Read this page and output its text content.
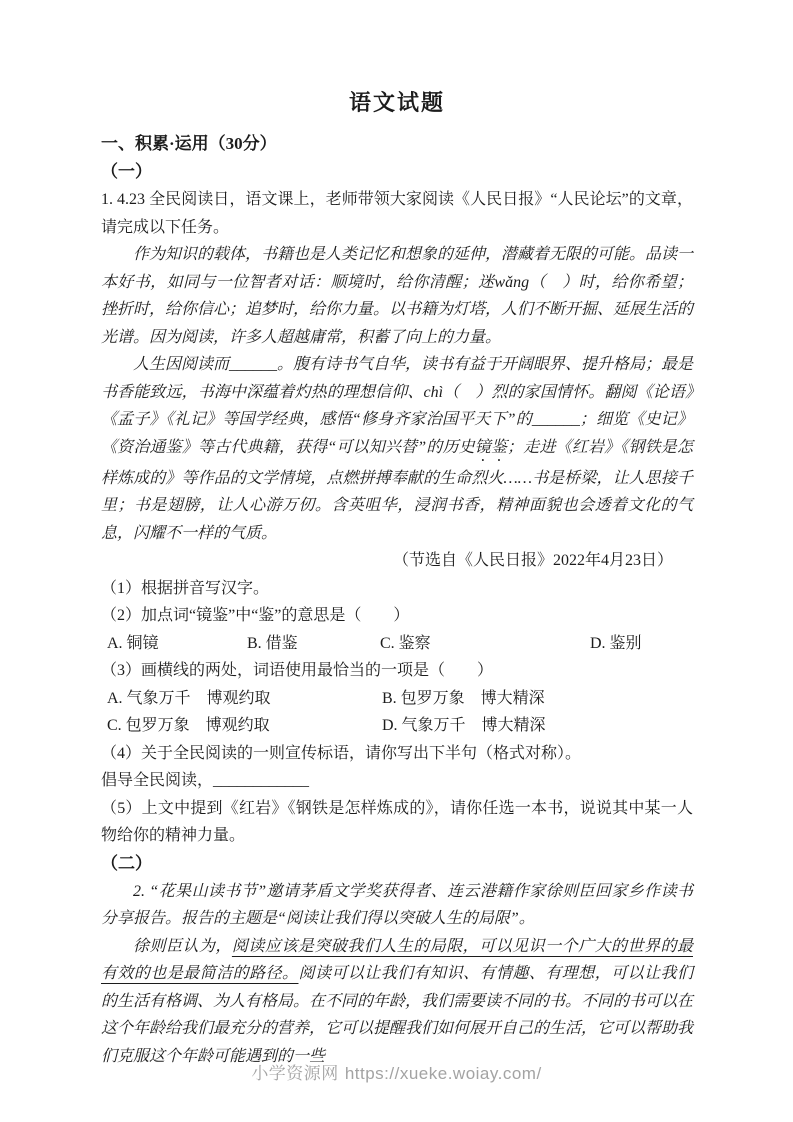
语文试题
一、积累·运用（30分）
（一）

1. 4.23 全民阅读日，语文课上，老师带领大家阅读《人民日报》“人民论坛”的文章，请完成以下任务。

作为知识的载体，书籍也是人类记忆和想象的延伸，潜藏着无限的可能。品读一本好书，如同与一位智者对话：顺境时，给你清醒；迷wǎng（　）时，给你希望；挫折时，给你信心；追梦时，给你力量。以书籍为灯塔，人们不断开掘、延展生活的光谱。因为阅读，许多人超越庸常，积蓄了向上的力量。

人生因阅读而______。腹有诗书气自华，读书有益于开阔眼界、提升格局；最是书香能致远，书海中深蕴着灼热的理想信仰、chì（　）烈的家国情怀。翻阅《论语》《孟子》《礼记》等国学经典，感悟“修身齐家治国平天下”的______；细览《史记》《资治通鉴》等古代典籍，获得“可以知兴替”的历史镜鉴；走进《红岩》《钢铁是怎样炼成的》等作品的文学情境，点燃拼搏奉献的生命烈火……书是桥梁，让人思接千里；书是翅膀，让人心游万仞。含英咀华，浸润书香，精神面貌也会透着文化的气息，闪耀不一样的气质。

（节选自《人民日报》2022年4月23日）

（1）根据拼音写汉字。

（2）加点词“镜鉴”中“鉴”的意思是（　　）

A. 铜镜	B. 借鉴	C. 鉴察	D. 鉴别

（3）画横线的两处，词语使用最恰当的一项是（　　）

A. 气象万千　博观约取	B. 包罗万象　博大精深
C. 包罗万象　博观约取	D. 气象万千　博大精深

（4）关于全民阅读的一则宣传标语，请你写出下半句（格式对称）。

倡导全民阅读，____________

（5）上文中提到《红岩》《钢铁是怎样炼成的》，请你任选一本书，说说其中某一人物给你的精神力量。

（二）

2. “花果山读书节”邀请茅盾文学奖获得者、连云港籍作家徐则臣回家乡作读书分享报告。报告的主题是“阅读让我们得以突破人生的局限”。

徐则臣认为，阅读应该是突破我们人生的局限，可以见识一个广大的世界的最有效的也是最简洁的路径。阅读可以让我们有知识、有情趣、有理想，可以让我们的生活有格调、为人有格局。在不同的年龄，我们需要读不同的书。不同的书可以在这个年龄给我们最充分的营养，它可以提醒我们如何展开自己的生活，它可以帮助我们克服这个年龄可能遇到的一些

小学资源网 https://xueke.woiay.com/
